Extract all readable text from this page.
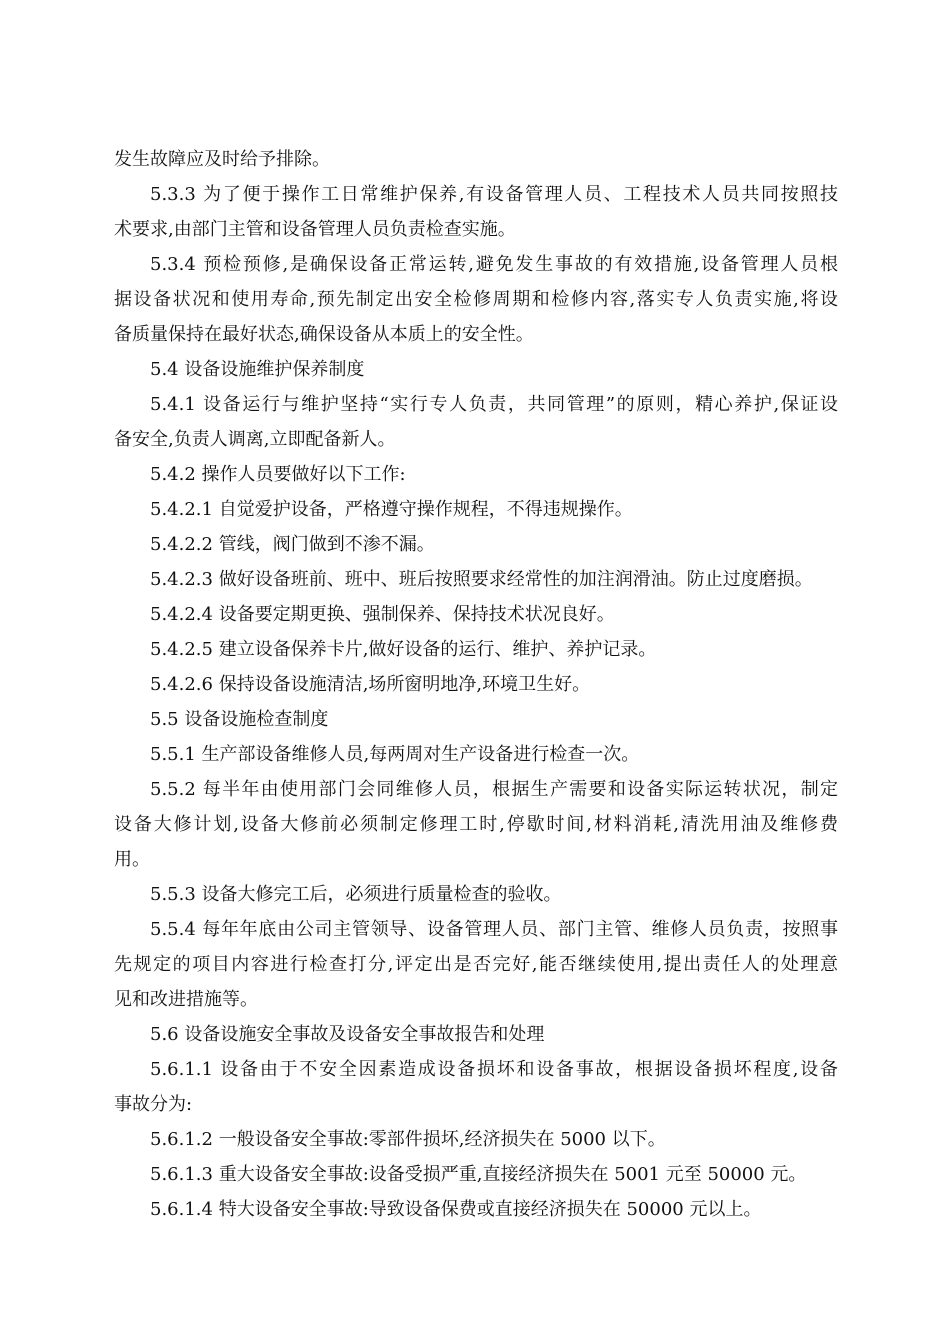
发生故障应及时给予排除。

5.3.3 为了便于操作工日常维护保养,有设备管理人员、工程技术人员共同按照技

术要求,由部门主管和设备管理人员负责检查实施。

5.3.4 预检预修,是确保设备正常运转,避免发生事故的有效措施,设备管理人员根

据设备状况和使用寿命,预先制定出安全检修周期和检修内容,落实专人负责实施,将设

备质量保持在最好状态,确保设备从本质上的安全性。

5.4 设备设施维护保养制度

5.4.1 设备运行与维护坚持“实行专人负责，共同管理”的原则，精心养护,保证设

备安全,负责人调离,立即配备新人。

5.4.2 操作人员要做好以下工作:

5.4.2.1 自觉爱护设备，严格遵守操作规程，不得违规操作。

5.4.2.2 管线，阀门做到不渗不漏。

5.4.2.3 做好设备班前、班中、班后按照要求经常性的加注润滑油。防止过度磨损。

5.4.2.4 设备要定期更换、强制保养、保持技术状况良好。

5.4.2.5 建立设备保养卡片,做好设备的运行、维护、养护记录。

5.4.2.6 保持设备设施清洁,场所窗明地净,环境卫生好。

5.5 设备设施检查制度

5.5.1 生产部设备维修人员,每两周对生产设备进行检查一次。

5.5.2 每半年由使用部门会同维修人员，根据生产需要和设备实际运转状况，制定

设备大修计划,设备大修前必须制定修理工时,停歇时间,材料消耗,清洗用油及维修费

用。

5.5.3 设备大修完工后，必须进行质量检查的验收。

5.5.4 每年年底由公司主管领导、设备管理人员、部门主管、维修人员负责，按照事

先规定的项目内容进行检查打分,评定出是否完好,能否继续使用,提出责任人的处理意

见和改进措施等。

5.6 设备设施安全事故及设备安全事故报告和处理

5.6.1.1 设备由于不安全因素造成设备损坏和设备事故，根据设备损坏程度,设备

事故分为:

5.6.1.2 一般设备安全事故:零部件损坏,经济损失在 5000 以下。

5.6.1.3 重大设备安全事故:设备受损严重,直接经济损失在 5001 元至 50000 元。

5.6.1.4 特大设备安全事故:导致设备保费或直接经济损失在 50000 元以上。
